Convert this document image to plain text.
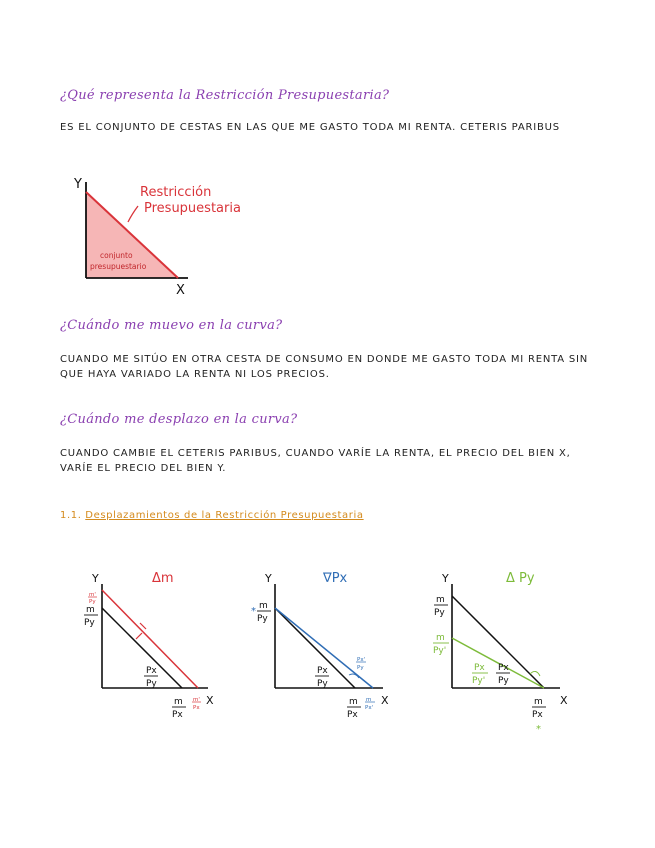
¿Qué representa la Restricción Presupuestaria?
ES EL CONJUNTO DE CESTAS EN LAS QUE ME GASTO TODA MI RENTA. CETERIS PARIBUS
Y
X
Restricción
Presupuestaria
conjunto
presupuestario
¿Cuándo me muevo en la curva?
CUANDO ME SITÚO EN OTRA CESTA DE CONSUMO EN DONDE ME GASTO TODA MI RENTA SIN QUE HAYA VARIADO LA RENTA NI LOS PRECIOS.
¿Cuándo me desplazo en la curva?
CUANDO CAMBIE EL CETERIS PARIBUS, CUANDO VARÍE LA RENTA, EL PRECIO DEL BIEN X, VARÍE EL PRECIO DEL BIEN Y.
1.1. Desplazamientos de la Restricción Presupuestaria
Δm
Y
X
m'
Py
m
Py
Px
Py
m
Px
m'
Px
∇Px
Y
X
* m
Py
Px
Py
Px'
Py
m
Px
m
Px'
Δ Py
Y
X
m
Py
m
Py'
Px
Py'
Px
Py
m
Px
*
